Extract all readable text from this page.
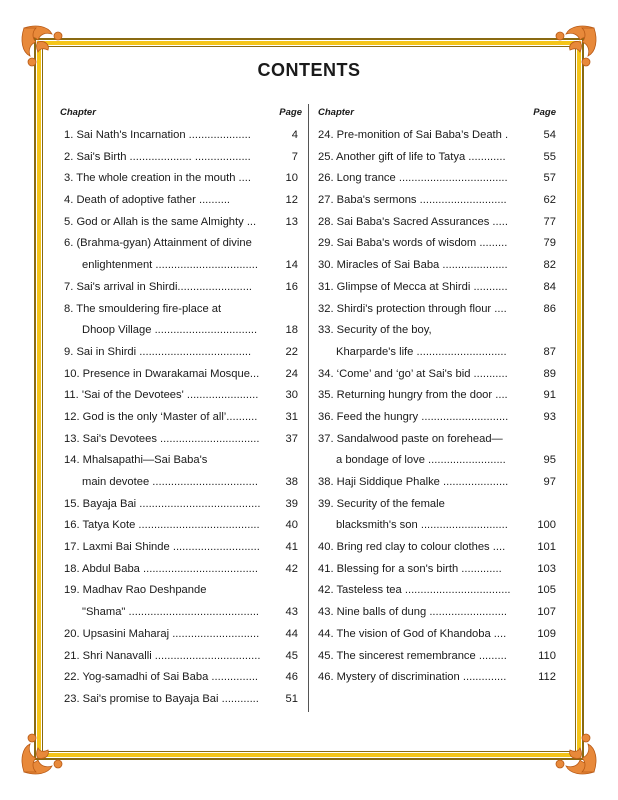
CONTENTS
Chapter	Page
1. Sai Nath's Incarnation ....................	4
2. Sai's Birth .................... ..................	7
3. The whole creation in the mouth ....	10
4. Death of adoptive father ..........	12
5. God or Allah is the same Almighty ...	13
6. (Brahma-gyan) Attainment of divine
enlightenment .................................	14
7. Sai's arrival in Shirdi........................	16
8. The smouldering fire-place at
Dhoop Village .................................	18
9. Sai in Shirdi ....................................	22
10. Presence in Dwarakamai Mosque...	24
11. 'Sai of the Devotees' .......................	30
12. God is the only ‘Master of all’..........	31
13. Sai's Devotees ................................	37
14. Mhalsapathi—Sai Baba's
main devotee ..................................	38
15. Bayaja Bai .......................................	39
16. Tatya Kote .......................................	40
17. Laxmi Bai Shinde ............................	41
18. Abdul Baba .....................................	42
19. Madhav Rao Deshpande
"Shama" ..........................................	43
20. Upsasini Maharaj ............................	44
21. Shri Nanavalli ..................................	45
22. Yog-samadhi of Sai Baba ...............	46
23. Sai's promise to Bayaja Bai ............	51
Chapter	Page
24. Pre-monition of Sai Baba’s Death .	54
25. Another gift of life to Tatya ............	55
26. Long trance ...................................	57
27. Baba's sermons ............................	62
28. Sai Baba's Sacred Assurances .....	77
29. Sai Baba's words of wisdom .........	79
30. Miracles of Sai Baba .....................	82
31. Glimpse of Mecca at Shirdi ...........	84
32. Shirdi's protection through flour ....	86
33. Security of the boy,
Kharparde's life .............................	87
34. ‘Come’ and ‘go’ at Sai's bid ...........	89
35. Returning hungry from the door ....	91
36. Feed the hungry ............................	93
37. Sandalwood paste on forehead—
a bondage of love .........................	95
38. Haji Siddique Phalke .....................	97
39. Security of the female
blacksmith's son ............................	100
40. Bring red clay to colour clothes ....	101
41. Blessing for a son's birth .............	103
42. Tasteless tea ..................................	105
43. Nine balls of dung .........................	107
44. The vision of God of Khandoba ....	109
45. The sincerest remembrance .........	110
46. Mystery of discrimination ..............	112
